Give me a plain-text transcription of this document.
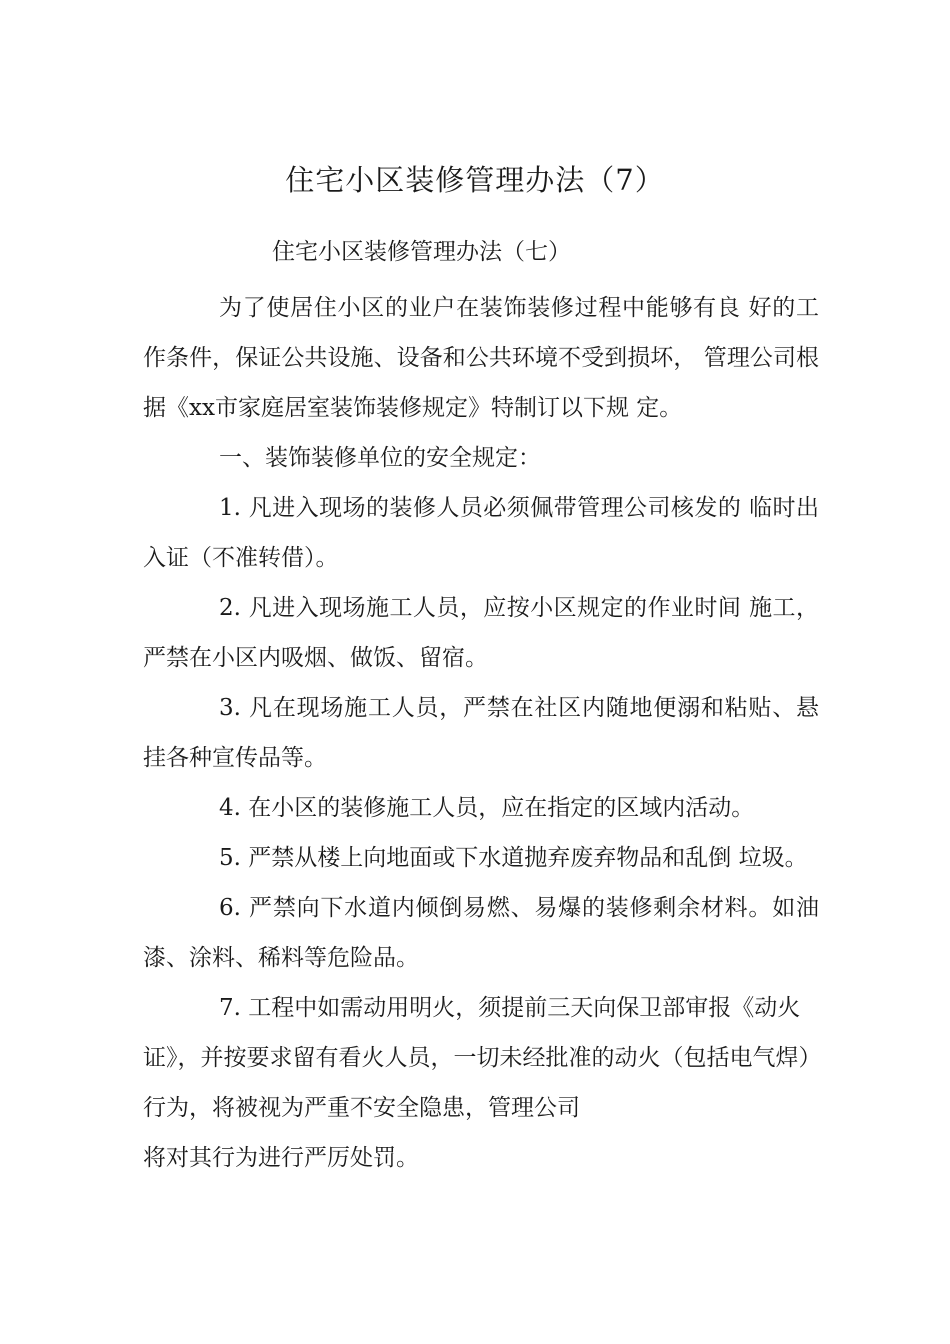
住宅小区装修管理办法（7）
住宅小区装修管理办法（七）

为了使居住小区的业户在装饰装修过程中能够有良 好的工作条件，保证公共设施、设备和公共环境不受到损坏， 管理公司根据《xx市家庭居室装饰装修规定》特制订以下规 定。

一、装饰装修单位的安全规定：

1. 凡进入现场的装修人员必须佩带管理公司核发的 临时出入证（不准转借）。

2. 凡进入现场施工人员，应按小区规定的作业时间 施工，严禁在小区内吸烟、做饭、留宿。

3. 凡在现场施工人员，严禁在社区内随地便溺和粘贴、悬挂各种宣传品等。

4. 在小区的装修施工人员，应在指定的区域内活动。

5. 严禁从楼上向地面或下水道抛弃废弃物品和乱倒 垃圾。

6. 严禁向下水道内倾倒易燃、易爆的装修剩余材料。如油漆、涂料、稀料等危险品。

7. 工程中如需动用明火，须提前三天向保卫部审报《动火证》，并按要求留有看火人员，一切未经批准的动火（包括电气焊）行为，将被视为严重不安全隐患，管理公司

将对其行为进行严厉处罚。
